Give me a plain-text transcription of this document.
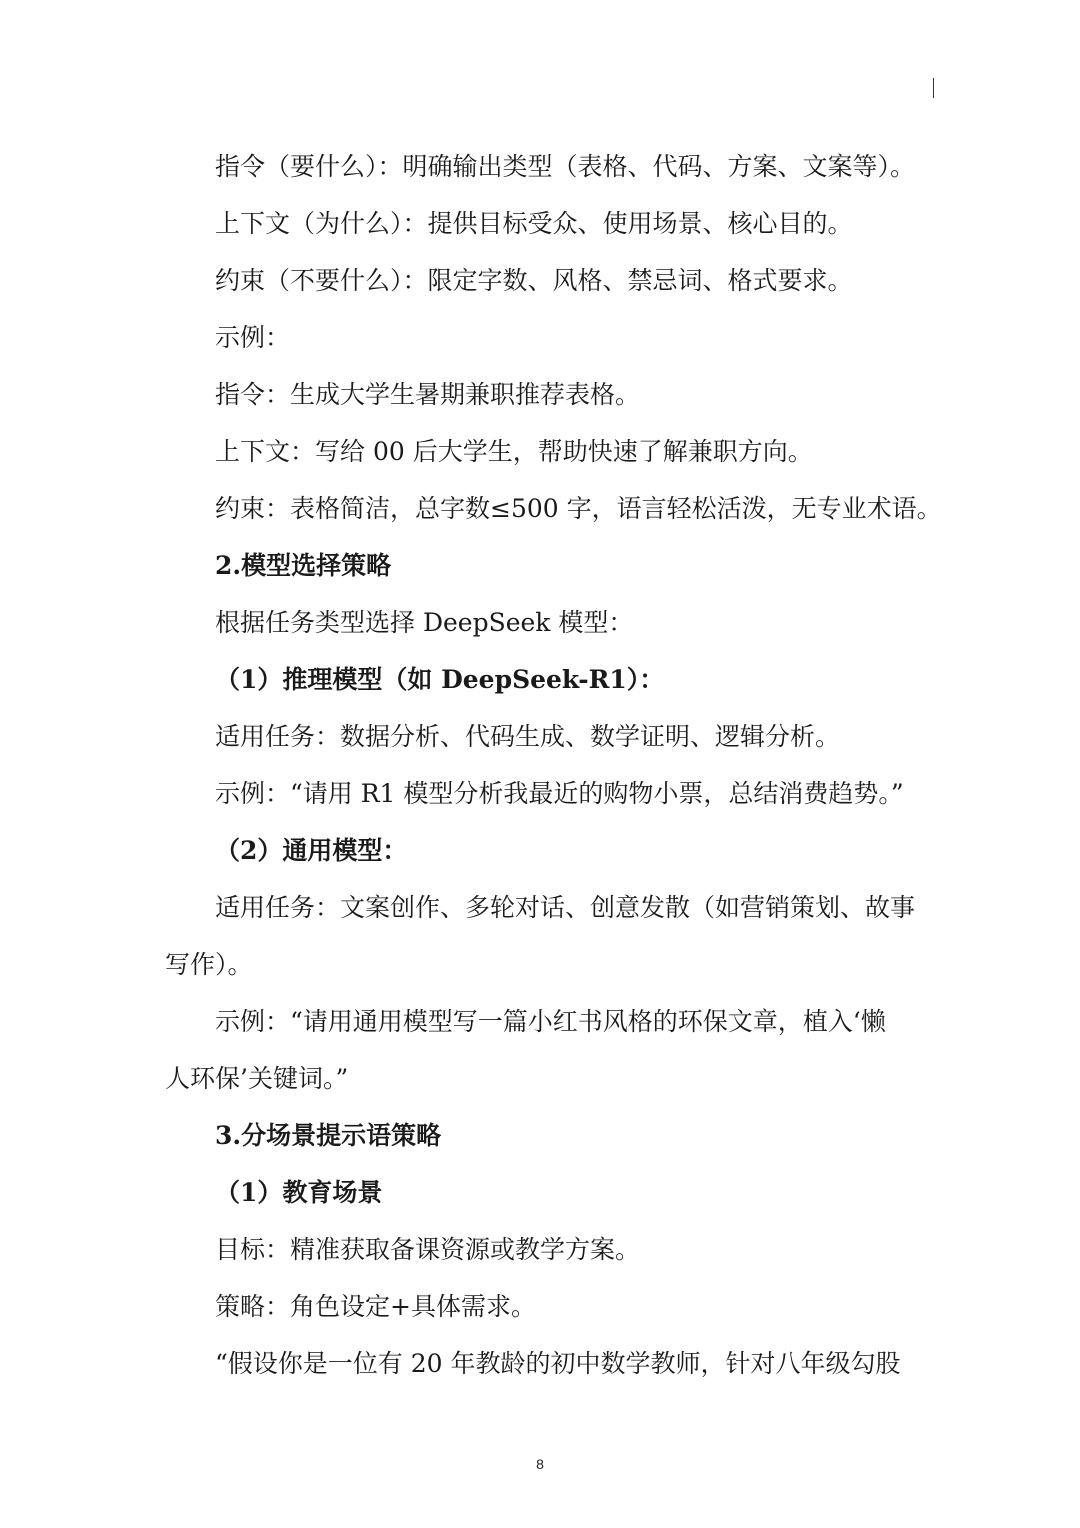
指令（要什么）：明确输出类型（表格、代码、方案、文案等）。

上下文（为什么）：提供目标受众、使用场景、核心目的。

约束（不要什么）：限定字数、风格、禁忌词、格式要求。

示例：

指令：生成大学生暑期兼职推荐表格。

上下文：写给 00 后大学生，帮助快速了解兼职方向。

约束：表格简洁，总字数≤500 字，语言轻松活泼，无专业术语。

2.模型选择策略

根据任务类型选择 DeepSeek 模型：

（1）推理模型（如 DeepSeek-R1）：

适用任务：数据分析、代码生成、数学证明、逻辑分析。

示例：“请用 R1 模型分析我最近的购物小票，总结消费趋势。”

（2）通用模型：

适用任务：文案创作、多轮对话、创意发散（如营销策划、故事

写作）。

示例：“请用通用模型写一篇小红书风格的环保文章，植入‘懒

人环保’关键词。”

3.分场景提示语策略

（1）教育场景

目标：精准获取备课资源或教学方案。

策略：角色设定+具体需求。

“假设你是一位有 20 年教龄的初中数学教师，针对八年级勾股

8
